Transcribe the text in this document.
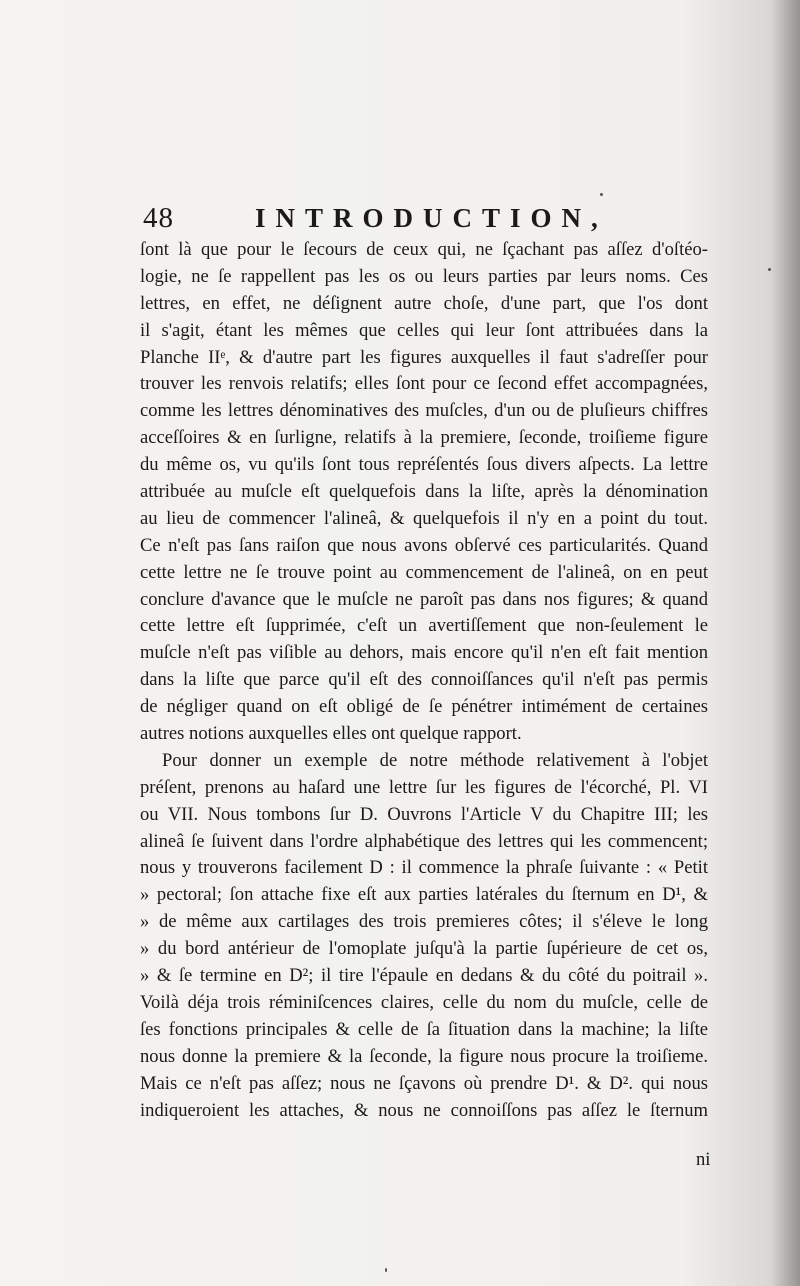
48	INTRODUCTION,
ſont là que pour le ſecours de ceux qui, ne ſçachant pas aſſez d'oſtéo-
logie, ne ſe rappellent pas les os ou leurs parties par leurs noms. Ces
lettres, en effet, ne déſignent autre choſe, d'une part, que l'os dont
il s'agit, étant les mêmes que celles qui leur ſont attribuées dans la
Planche IIᵉ, & d'autre part les figures auxquelles il faut s'adreſſer pour
trouver les renvois relatifs; elles ſont pour ce ſecond effet accompagnées,
comme les lettres dénominatives des muſcles, d'un ou de pluſieurs chiffres
acceſſoires & en ſurligne, relatifs à la premiere, ſeconde, troiſieme figure
du même os, vu qu'ils ſont tous repréſentés ſous divers aſpects. La lettre
attribuée au muſcle eſt quelquefois dans la liſte, après la dénomination
au lieu de commencer l'alineâ, & quelquefois il n'y en a point du tout.
Ce n'eſt pas ſans raiſon que nous avons obſervé ces particularités. Quand
cette lettre ne ſe trouve point au commencement de l'alineâ, on en peut
conclure d'avance que le muſcle ne paroît pas dans nos figures; & quand
cette lettre eſt ſupprimée, c'eſt un avertiſſement que non-ſeulement le
muſcle n'eſt pas viſible au dehors, mais encore qu'il n'en eſt fait mention
dans la liſte que parce qu'il eſt des connoiſſances qu'il n'eſt pas permis
de négliger quand on eſt obligé de ſe pénétrer intimément de certaines
autres notions auxquelles elles ont quelque rapport.
Pour donner un exemple de notre méthode relativement à l'objet
préſent, prenons au haſard une lettre ſur les figures de l'écorché, Pl. VI
ou VII. Nous tombons ſur D. Ouvrons l'Article V du Chapitre III; les
alineâ ſe ſuivent dans l'ordre alphabétique des lettres qui les commencent;
nous y trouverons facilement D : il commence la phraſe ſuivante : « Petit
» pectoral; ſon attache fixe eſt aux parties latérales du ſternum en D¹, &
» de même aux cartilages des trois premieres côtes; il s'éleve le long
» du bord antérieur de l'omoplate juſqu'à la partie ſupérieure de cet os,
» & ſe termine en D²; il tire l'épaule en dedans & du côté du poitrail ».
Voilà déja trois réminiſcences claires, celle du nom du muſcle, celle de
ſes fonctions principales & celle de ſa ſituation dans la machine; la liſte
nous donne la premiere & la ſeconde, la figure nous procure la troiſieme.
Mais ce n'eſt pas aſſez; nous ne ſçavons où prendre D¹. & D². qui nous
indiqueroient les attaches, & nous ne connoiſſons pas aſſez le ſternum
ni
